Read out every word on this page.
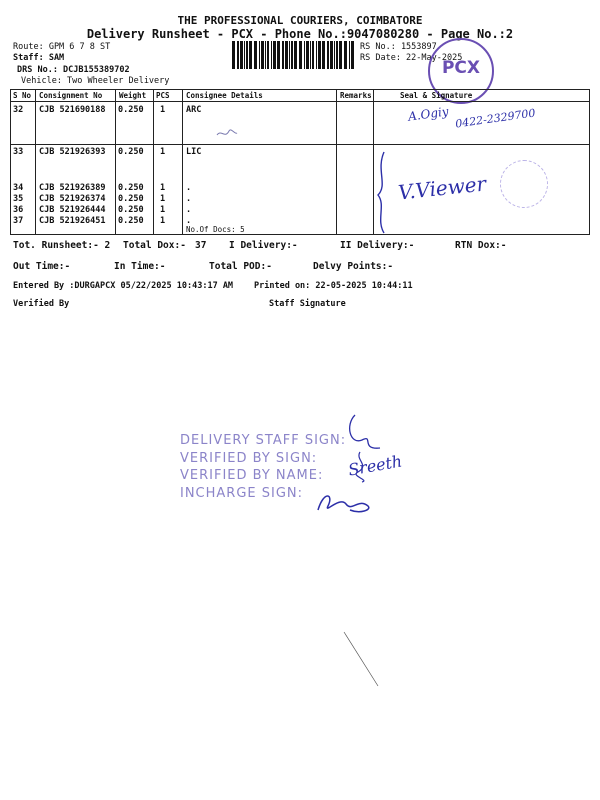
THE PROFESSIONAL COURIERS, COIMBATORE
Delivery Runsheet - PCX - Phone No.:9047080280 - Page No.:2
Route: GPM 6 7 8 ST
Staff: SAM
DRS No.: DCJB155389702
Vehicle: Two Wheeler Delivery
RS No.: 1553897
RS Date: 22-May-2025
PCX
S No Consignment No Weight PCS Consignee Details	Remarks	Seal & Signature
32 CJB 521690188 0.250 1 ARC
33 CJB 521926393 0.250 1 LIC
34 CJB 521926389 0.250 1 .
35 CJB 521926374 0.250 1 .
36 CJB 521926444 0.250 1 .
37 CJB 521926451 0.250 1 .
No.Of Docs: 5
A.Ogiy 0422-2329700
V.Viewer
Tot. Runsheet:- 2 Total Dox:- 37 I Delivery:-	II Delivery:-	RTN Dox:-
Out Time:-	In Time:-	Total POD:-	Delvy Points:-
Entered By :DURGAPCX 05/22/2025 10:43:17 AM Printed on: 22-05-2025 10:44:11
Verified By	Staff Signature
DELIVERY STAFF SIGN:
VERIFIED BY SIGN:
VERIFIED BY NAME:
INCHARGE SIGN:
Sreeth
